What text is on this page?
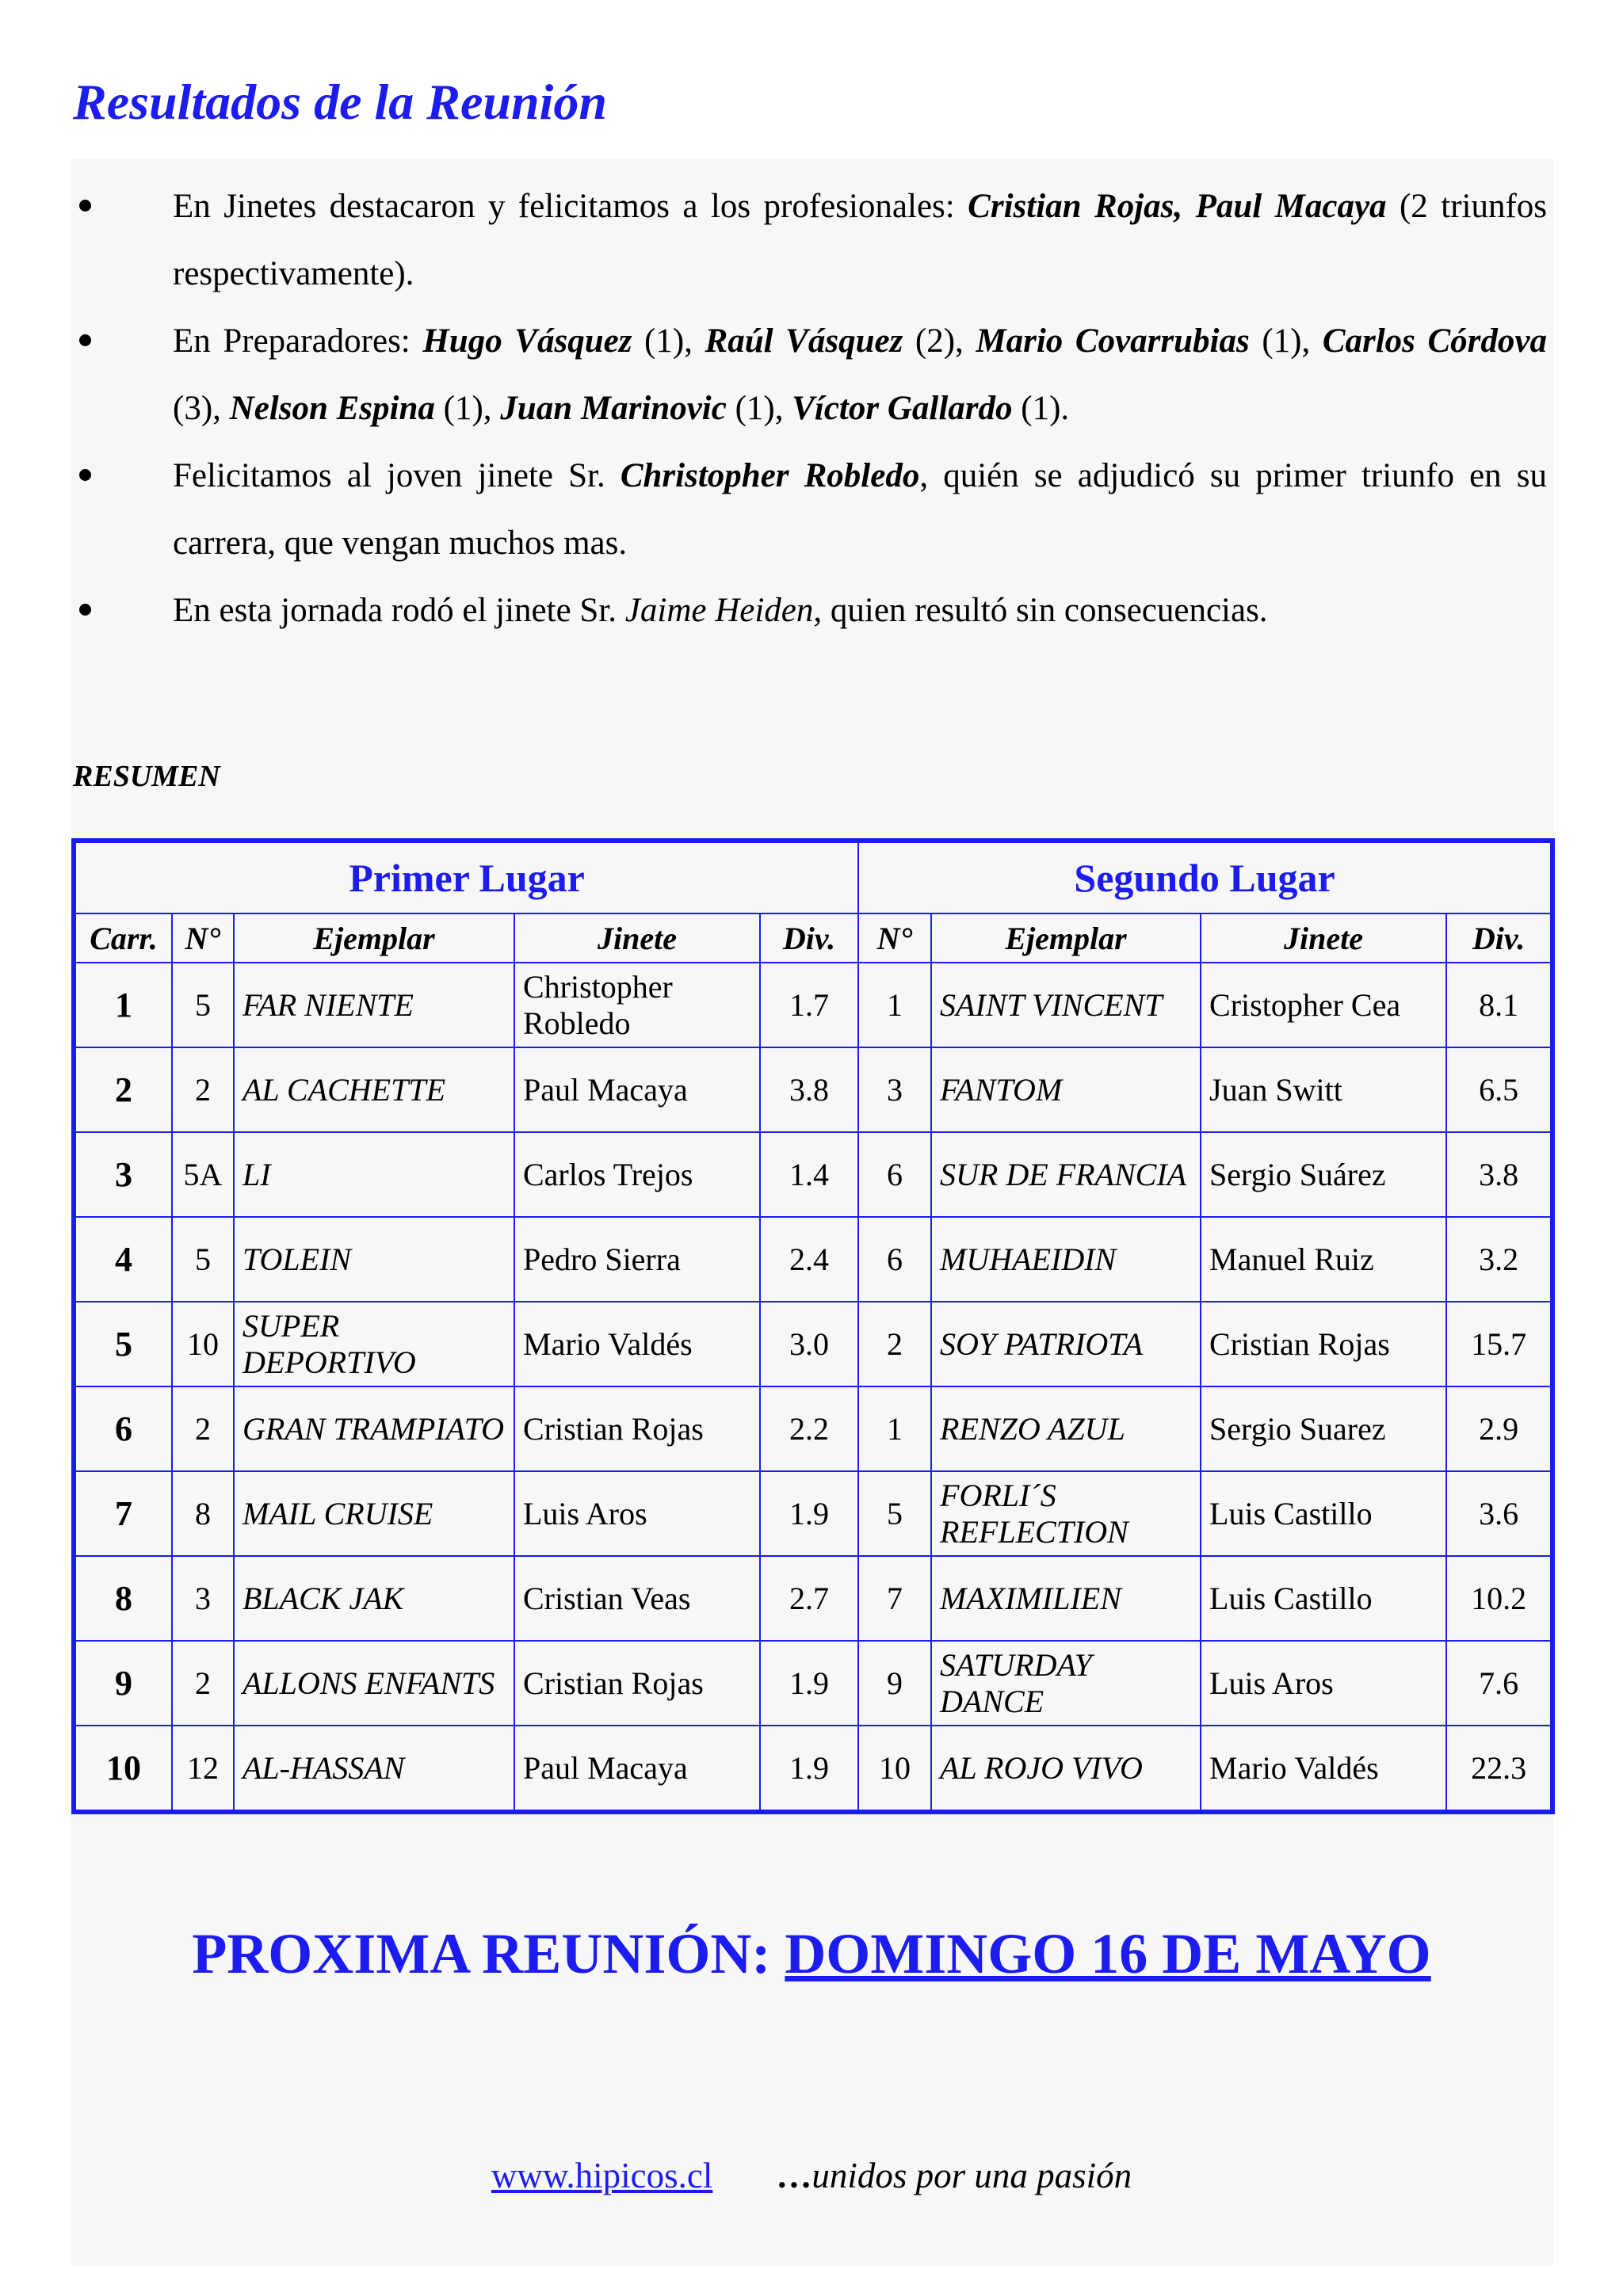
Resultados de la Reunión
En Jinetes destacaron y felicitamos a los profesionales: Cristian Rojas, Paul Macaya (2 triunfos respectivamente).
En Preparadores: Hugo Vásquez (1), Raúl Vásquez (2), Mario Covarrubias (1), Carlos Córdova (3), Nelson Espina (1), Juan Marinovic (1), Víctor Gallardo (1).
Felicitamos al joven jinete Sr. Christopher Robledo, quién se adjudicó su primer triunfo en su carrera, que vengan muchos mas.
En esta jornada rodó el jinete Sr. Jaime Heiden, quien resultó sin consecuencias.
RESUMEN
Primer Lugar					Segundo Lugar			
Carr.	N°	Ejemplar	Jinete	Div.	N°	Ejemplar	Jinete	Div.
1	5	FAR NIENTE	Christopher Robledo	1.7	1	SAINT VINCENT	Cristopher Cea	8.1
2	2	AL CACHETTE	Paul Macaya	3.8	3	FANTOM	Juan Switt	6.5
3	5A	LI	Carlos Trejos	1.4	6	SUR DE FRANCIA	Sergio Suárez	3.8
4	5	TOLEIN	Pedro Sierra	2.4	6	MUHAEIDIN	Manuel Ruiz	3.2
5	10	SUPER DEPORTIVO	Mario Valdés	3.0	2	SOY PATRIOTA	Cristian Rojas	15.7
6	2	GRAN TRAMPIATO	Cristian Rojas	2.2	1	RENZO AZUL	Sergio Suarez	2.9
7	8	MAIL CRUISE	Luis Aros	1.9	5	FORLI´S REFLECTION	Luis Castillo	3.6
8	3	BLACK JAK	Cristian Veas	2.7	7	MAXIMILIEN	Luis Castillo	10.2
9	2	ALLONS ENFANTS	Cristian Rojas	1.9	9	SATURDAY DANCE	Luis Aros	7.6
10	12	AL-HASSAN	Paul Macaya	1.9	10	AL ROJO VIVO	Mario Valdés	22.3
PROXIMA REUNIÓN: DOMINGO 16 DE MAYO
www.hipicos.cl …unidos por una pasión
